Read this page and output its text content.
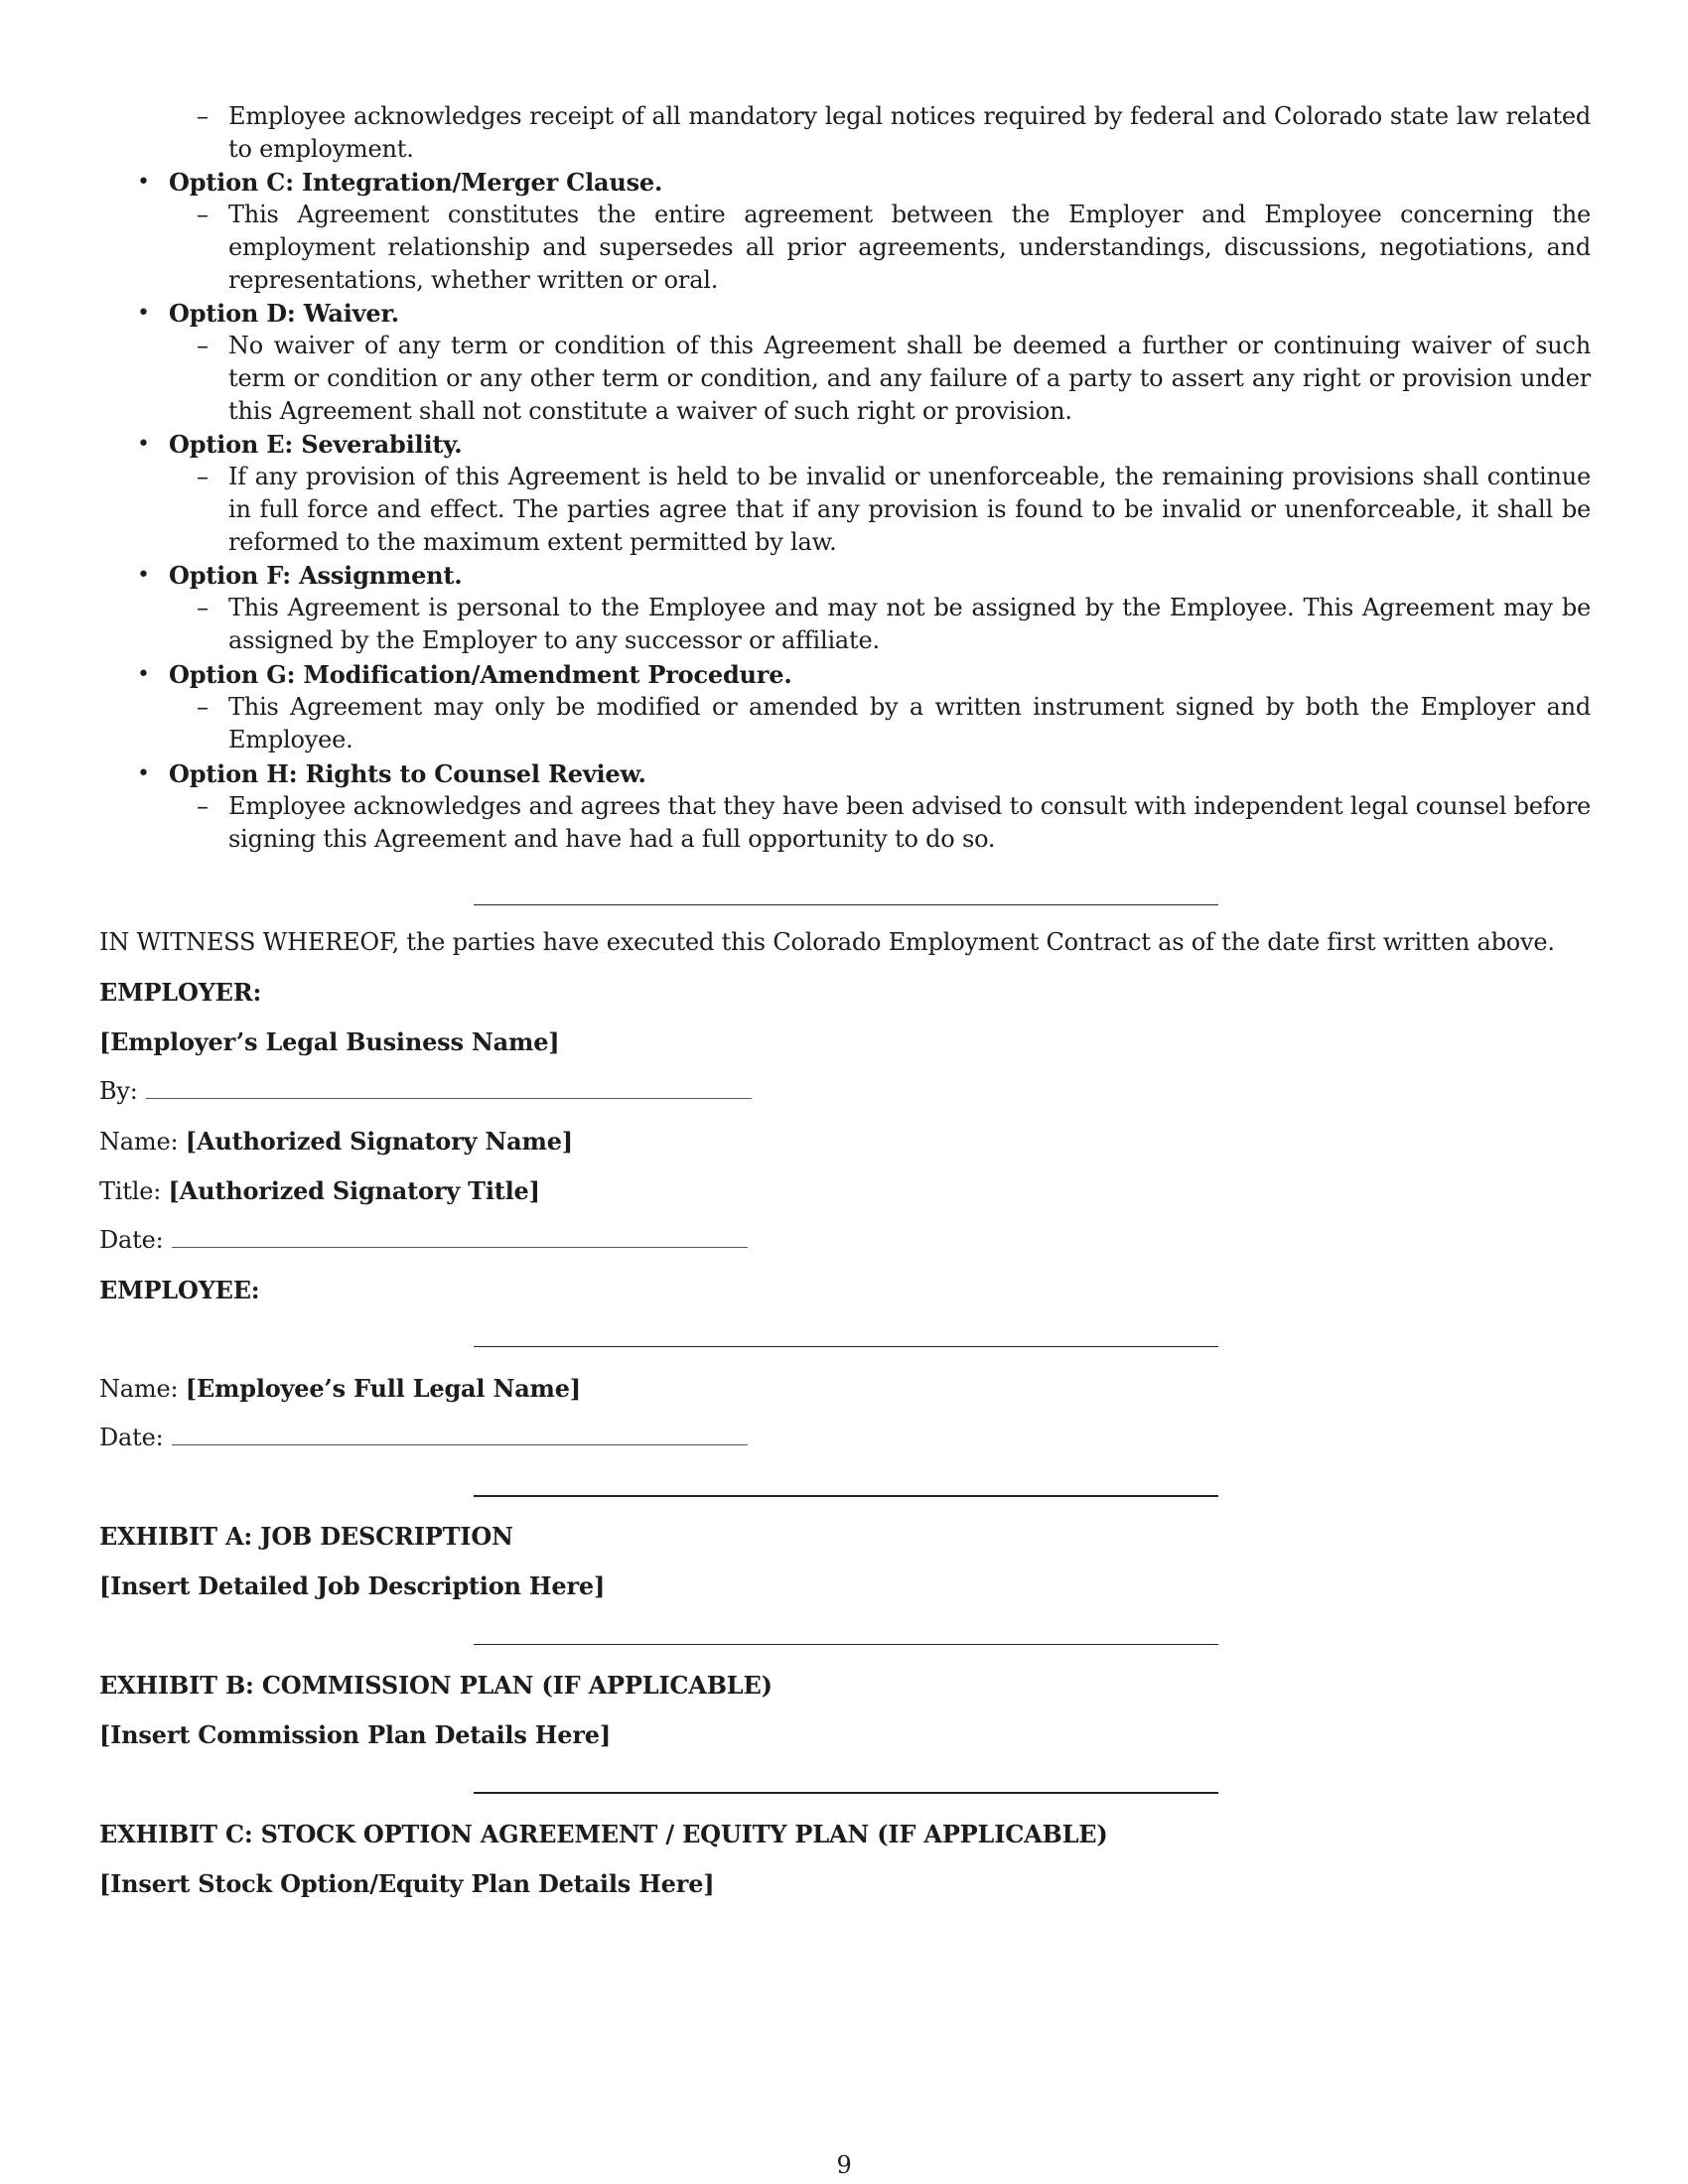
– Employee acknowledges receipt of all mandatory legal notices required by federal and Colorado state law related to employment.

• Option C: Integration/Merger Clause.

– This Agreement constitutes the entire agreement between the Employer and Employee concerning the employment relationship and supersedes all prior agreements, understandings, discussions, negotiations, and representations, whether written or oral.

• Option D: Waiver.

– No waiver of any term or condition of this Agreement shall be deemed a further or continuing waiver of such term or condition or any other term or condition, and any failure of a party to assert any right or provision under this Agreement shall not constitute a waiver of such right or provision.

• Option E: Severability.

– If any provision of this Agreement is held to be invalid or unenforceable, the remaining provisions shall continue in full force and effect. The parties agree that if any provision is found to be invalid or unenforceable, it shall be reformed to the maximum extent permitted by law.

• Option F: Assignment.

– This Agreement is personal to the Employee and may not be assigned by the Employee. This Agreement may be assigned by the Employer to any successor or affiliate.

• Option G: Modification/Amendment Procedure.

– This Agreement may only be modified or amended by a written instrument signed by both the Employer and Employee.

• Option H: Rights to Counsel Review.

– Employee acknowledges and agrees that they have been advised to consult with independent legal counsel before signing this Agreement and have had a full opportunity to do so.

IN WITNESS WHEREOF, the parties have executed this Colorado Employment Contract as of the date first written above.

EMPLOYER:

[Employer’s Legal Business Name]

By:

Name: [Authorized Signatory Name]

Title: [Authorized Signatory Title]

Date:

EMPLOYEE:

Name: [Employee’s Full Legal Name]

Date:

EXHIBIT A: JOB DESCRIPTION

[Insert Detailed Job Description Here]

EXHIBIT B: COMMISSION PLAN (IF APPLICABLE)

[Insert Commission Plan Details Here]

EXHIBIT C: STOCK OPTION AGREEMENT / EQUITY PLAN (IF APPLICABLE)

[Insert Stock Option/Equity Plan Details Here]

9
